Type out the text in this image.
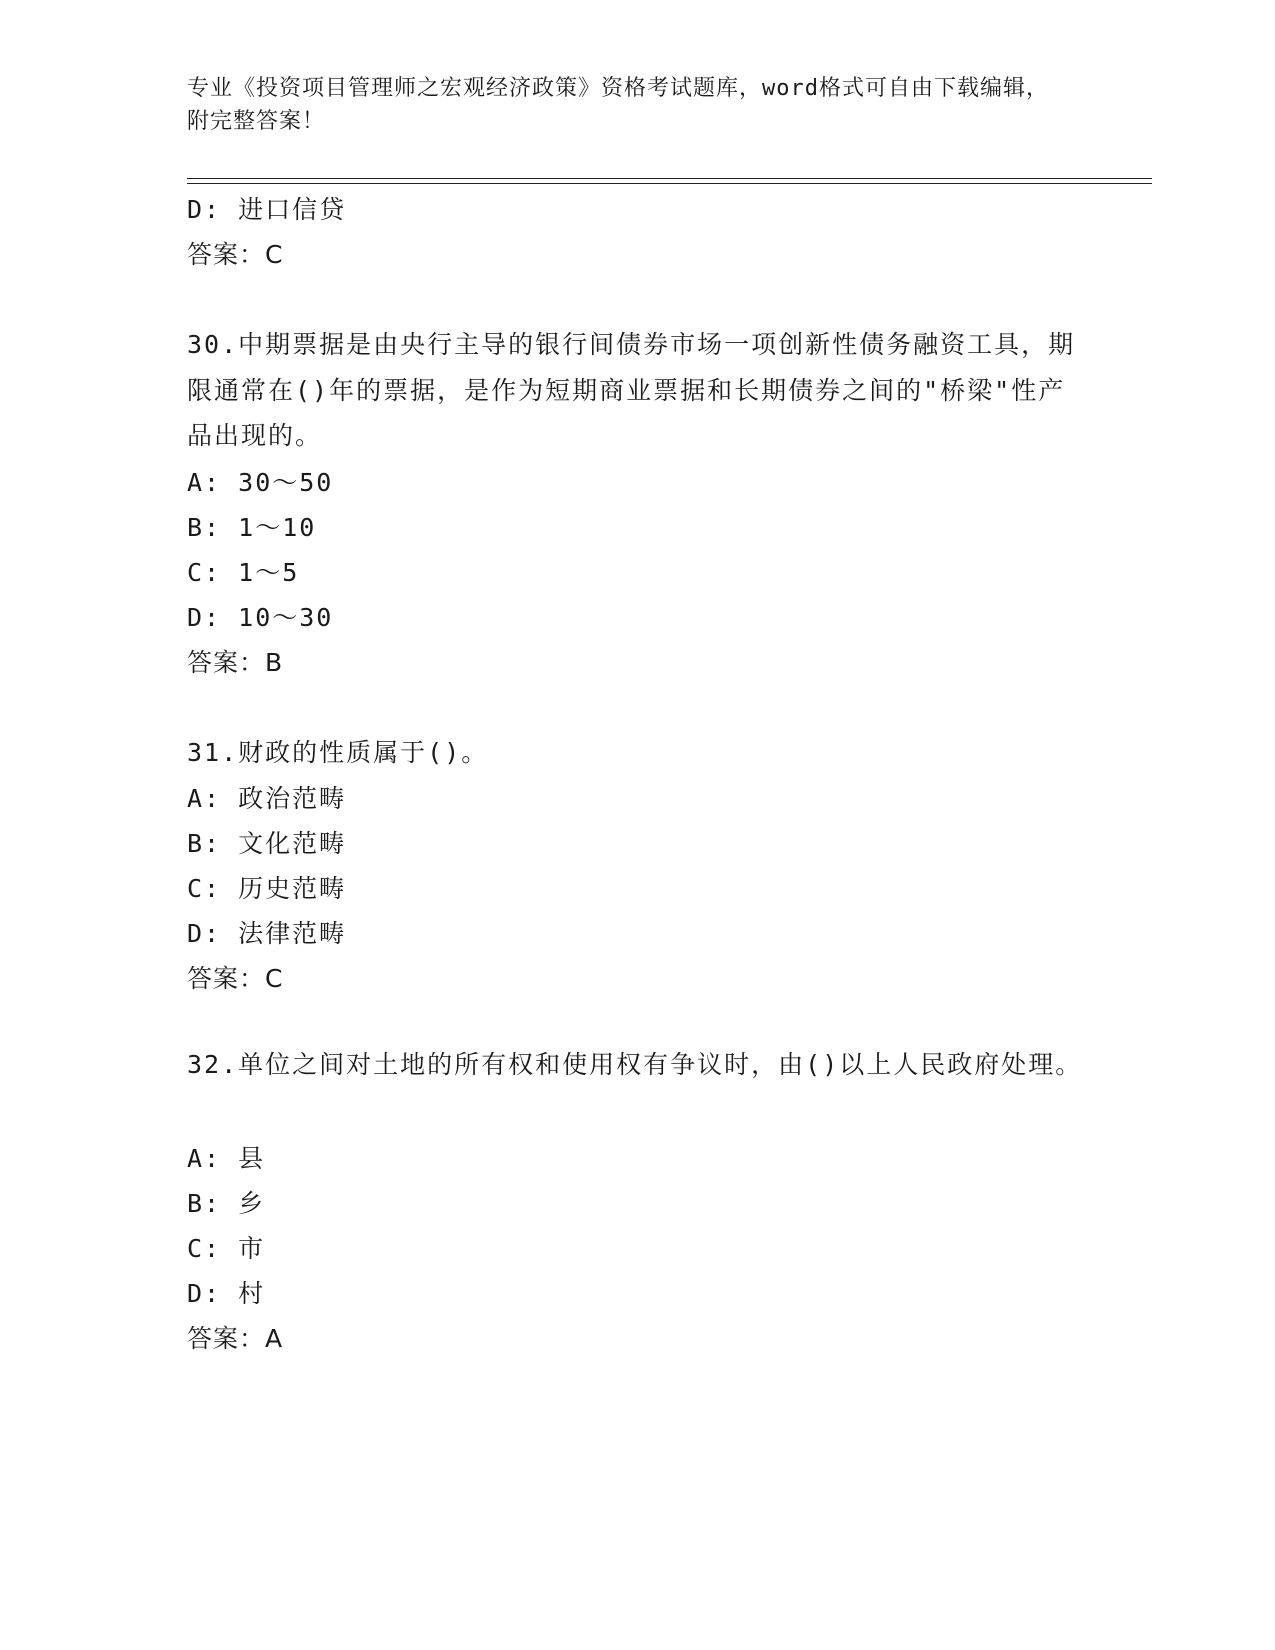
专业《投资项目管理师之宏观经济政策》资格考试题库，word格式可自由下载编辑，附完整答案！
D: 进口信贷
答案：C
30.中期票据是由央行主导的银行间债券市场一项创新性债务融资工具，期限通常在()年的票据，是作为短期商业票据和长期债券之间的"桥梁"性产品出现的。
A: 30～50
B: 1～10
C: 1～5
D: 10～30
答案：B
31.财政的性质属于()。
A: 政治范畴
B: 文化范畴
C: 历史范畴
D: 法律范畴
答案：C
32.单位之间对土地的所有权和使用权有争议时，由()以上人民政府处理。
A: 县
B: 乡
C: 市
D: 村
答案：A
